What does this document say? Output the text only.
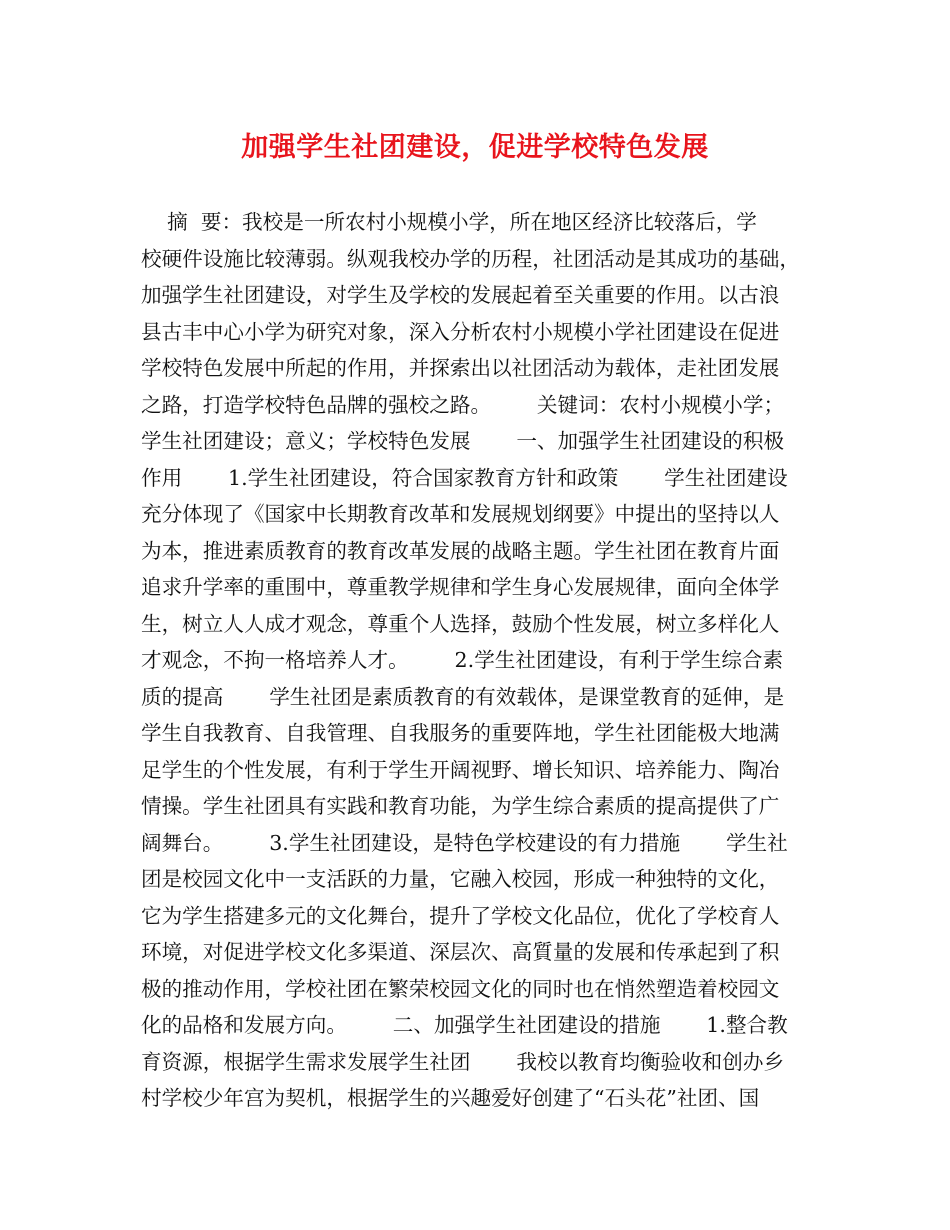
加强学生社团建设，促进学校特色发展
摘  要：我校是一所农村小规模小学，所在地区经济比较落后，学
校硬件设施比较薄弱。纵观我校办学的历程，社团活动是其成功的基础，
加强学生社团建设，对学生及学校的发展起着至关重要的作用。以古浪
县古丰中心小学为研究对象，深入分析农村小规模小学社团建设在促进
学校特色发展中所起的作用，并探索出以社团活动为载体，走社团发展
之路，打造学校特色品牌的强校之路。       关键词：农村小规模小学；
学生社团建设；意义；学校特色发展       一、加强学生社团建设的积极
作用       1.学生社团建设，符合国家教育方针和政策       学生社团建设
充分体现了《国家中长期教育改革和发展规划纲要》中提出的坚持以人
为本，推进素质教育的教育改革发展的战略主题。学生社团在教育片面
追求升学率的重围中，尊重教学规律和学生身心发展规律，面向全体学
生，树立人人成才观念，尊重个人选择，鼓励个性发展，树立多样化人
才观念，不拘一格培养人才。       2.学生社团建设，有利于学生综合素
质的提高       学生社团是素质教育的有效载体，是课堂教育的延伸，是
学生自我教育、自我管理、自我服务的重要阵地，学生社团能极大地满
足学生的个性发展，有利于学生开阔视野、增长知识、培养能力、陶冶
情操。学生社团具有实践和教育功能，为学生综合素质的提高提供了广
阔舞台。       3.学生社团建设，是特色学校建设的有力措施       学生社
团是校园文化中一支活跃的力量，它融入校园，形成一种独特的文化，
它为学生搭建多元的文化舞台，提升了学校文化品位，优化了学校育人
环境，对促进学校文化多渠道、深层次、高質量的发展和传承起到了积
极的推动作用，学校社团在繁荣校园文化的同时也在悄然塑造着校园文
化的品格和发展方向。       二、加强学生社团建设的措施       1.整合教
育资源，根据学生需求发展学生社团       我校以教育均衡验收和创办乡
村学校少年宫为契机，根据学生的兴趣爱好创建了“石头花”社团、国
